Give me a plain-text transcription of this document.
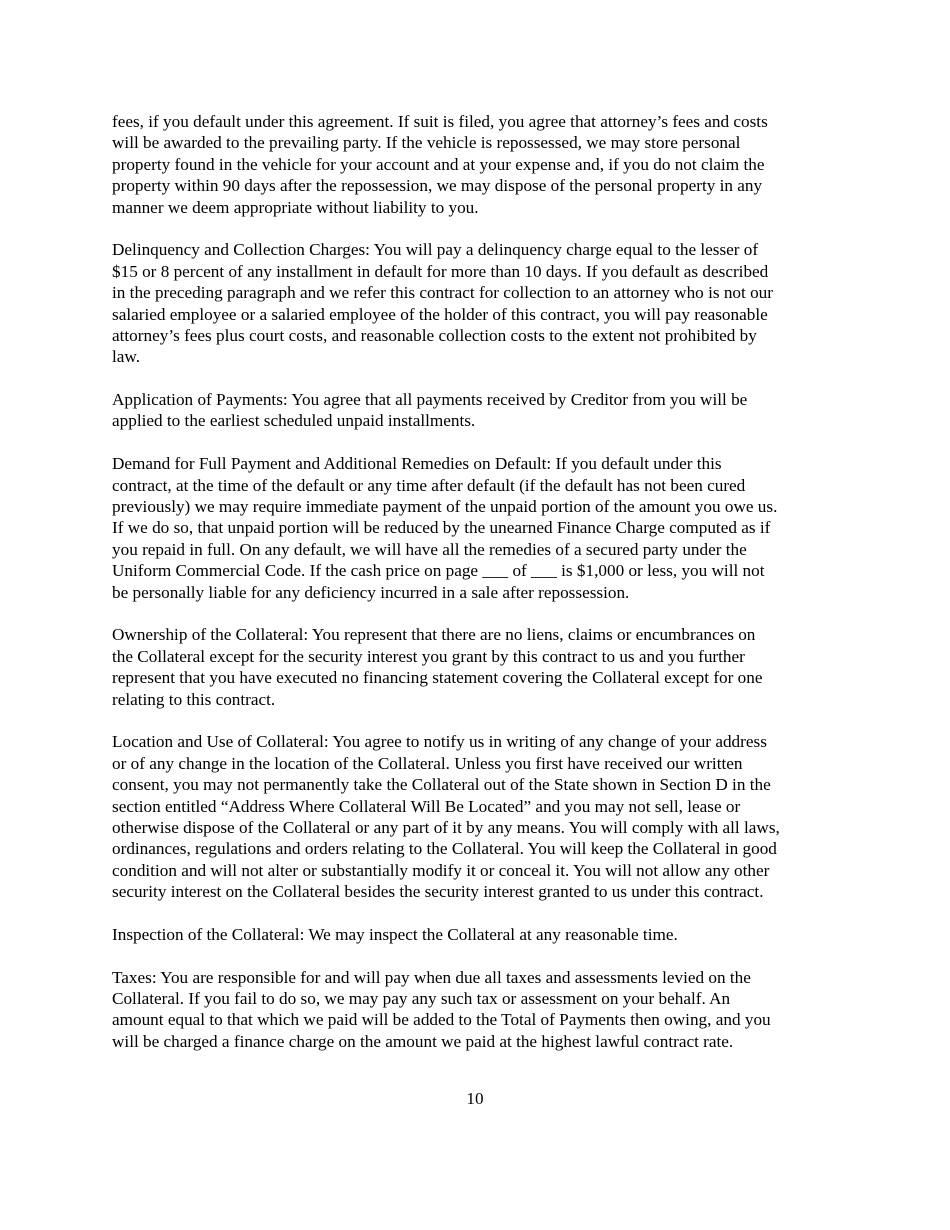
fees, if you default under this agreement. If suit is filed, you agree that attorney’s fees and costs
will be awarded to the prevailing party. If the vehicle is repossessed, we may store personal
property found in the vehicle for your account and at your expense and, if you do not claim the
property within 90 days after the repossession, we may dispose of the personal property in any
manner we deem appropriate without liability to you.
Delinquency and Collection Charges: You will pay a delinquency charge equal to the lesser of
$15 or 8 percent of any installment in default for more than 10 days. If you default as described
in the preceding paragraph and we refer this contract for collection to an attorney who is not our
salaried employee or a salaried employee of the holder of this contract, you will pay reasonable
attorney’s fees plus court costs, and reasonable collection costs to the extent not prohibited by
law.
Application of Payments: You agree that all payments received by Creditor from you will be
applied to the earliest scheduled unpaid installments.
Demand for Full Payment and Additional Remedies on Default: If you default under this
contract, at the time of the default or any time after default (if the default has not been cured
previously) we may require immediate payment of the unpaid portion of the amount you owe us.
If we do so, that unpaid portion will be reduced by the unearned Finance Charge computed as if
you repaid in full. On any default, we will have all the remedies of a secured party under the
Uniform Commercial Code. If the cash price on page ___ of ___ is $1,000 or less, you will not
be personally liable for any deficiency incurred in a sale after repossession.
Ownership of the Collateral: You represent that there are no liens, claims or encumbrances on
the Collateral except for the security interest you grant by this contract to us and you further
represent that you have executed no financing statement covering the Collateral except for one
relating to this contract.
Location and Use of Collateral: You agree to notify us in writing of any change of your address
or of any change in the location of the Collateral. Unless you first have received our written
consent, you may not permanently take the Collateral out of the State shown in Section D in the
section entitled “Address Where Collateral Will Be Located” and you may not sell, lease or
otherwise dispose of the Collateral or any part of it by any means. You will comply with all laws,
ordinances, regulations and orders relating to the Collateral. You will keep the Collateral in good
condition and will not alter or substantially modify it or conceal it. You will not allow any other
security interest on the Collateral besides the security interest granted to us under this contract.
Inspection of the Collateral: We may inspect the Collateral at any reasonable time.
Taxes: You are responsible for and will pay when due all taxes and assessments levied on the
Collateral. If you fail to do so, we may pay any such tax or assessment on your behalf. An
amount equal to that which we paid will be added to the Total of Payments then owing, and you
will be charged a finance charge on the amount we paid at the highest lawful contract rate.
10
